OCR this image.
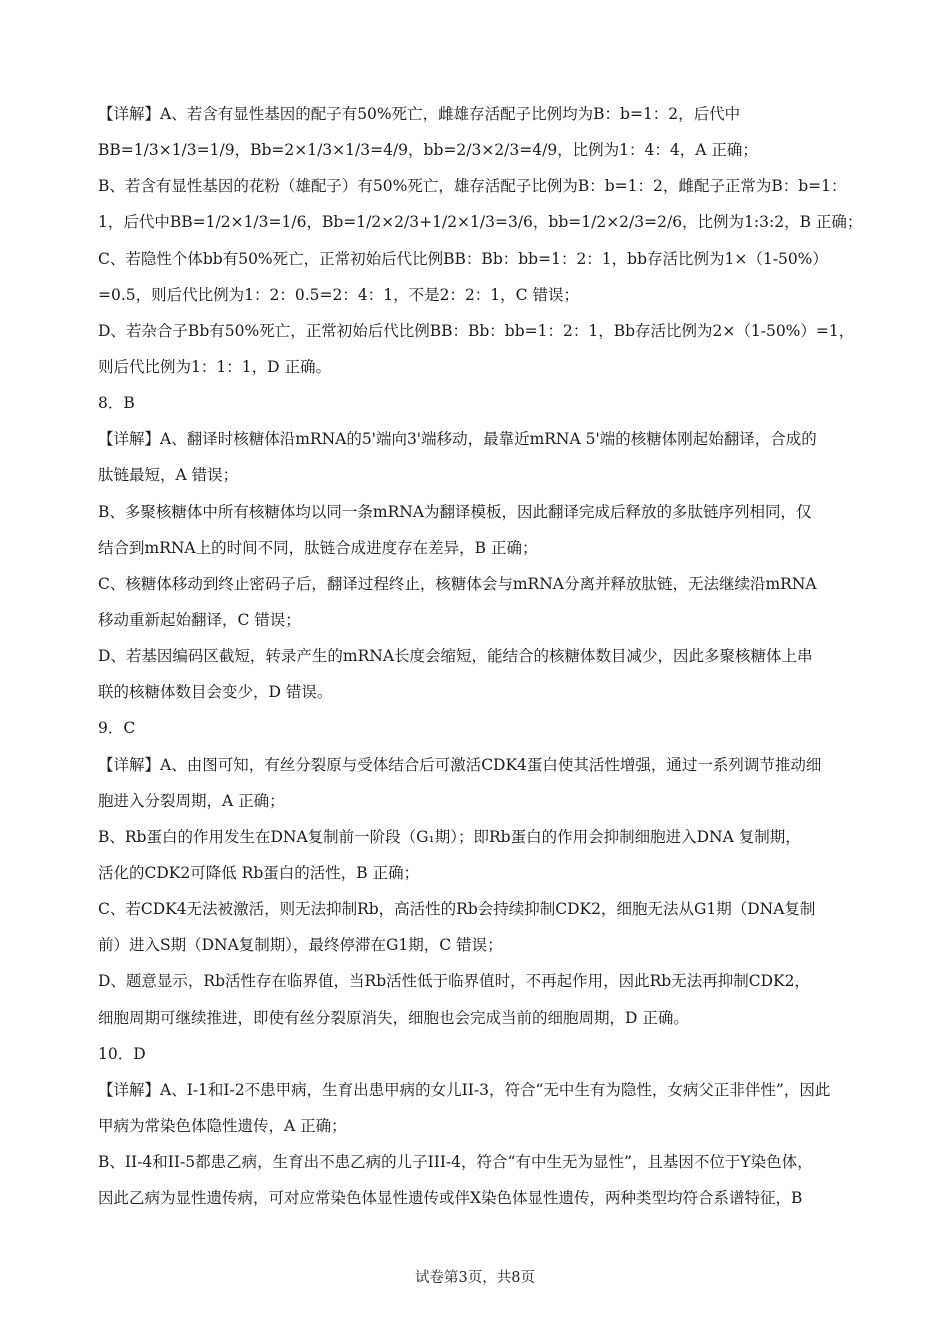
【详解】A、若含有显性基因的配子有50%死亡，雌雄存活配子比例均为B：b=1：2，后代中
BB=1/3×1/3=1/9，Bb=2×1/3×1/3=4/9，bb=2/3×2/3=4/9，比例为1：4：4，A 正确；
B、若含有显性基因的花粉（雄配子）有50%死亡，雄存活配子比例为B：b=1：2，雌配子正常为B：b=1：
1，后代中BB=1/2×1/3=1/6，Bb=1/2×2/3+1/2×1/3=3/6，bb=1/2×2/3=2/6，比例为1:3:2，B 正确；
C、若隐性个体bb有50%死亡，正常初始后代比例BB：Bb：bb=1：2：1，bb存活比例为1×（1-50%）
=0.5，则后代比例为1：2：0.5=2：4：1，不是2：2：1，C 错误；
D、若杂合子Bb有50%死亡，正常初始后代比例BB：Bb：bb=1：2：1，Bb存活比例为2×（1-50%）=1，
则后代比例为1：1：1，D 正确。
8．B
【详解】A、翻译时核糖体沿mRNA的5'端向3'端移动，最靠近mRNA 5'端的核糖体刚起始翻译，合成的
肽链最短，A 错误；
B、多聚核糖体中所有核糖体均以同一条mRNA为翻译模板，因此翻译完成后释放的多肽链序列相同，仅
结合到mRNA上的时间不同，肽链合成进度存在差异，B 正确；
C、核糖体移动到终止密码子后，翻译过程终止，核糖体会与mRNA分离并释放肽链，无法继续沿mRNA
移动重新起始翻译，C 错误；
D、若基因编码区截短，转录产生的mRNA长度会缩短，能结合的核糖体数目减少，因此多聚核糖体上串
联的核糖体数目会变少，D 错误。
9．C
【详解】A、由图可知，有丝分裂原与受体结合后可激活CDK4蛋白使其活性增强，通过一系列调节推动细
胞进入分裂周期，A 正确；
B、Rb蛋白的作用发生在DNA复制前一阶段（G₁期）；即Rb蛋白的作用会抑制细胞进入DNA 复制期，
活化的CDK2可降低 Rb蛋白的活性，B 正确；
C、若CDK4无法被激活，则无法抑制Rb，高活性的Rb会持续抑制CDK2，细胞无法从G1期（DNA复制
前）进入S期（DNA复制期），最终停滞在G1期，C 错误；
D、题意显示，Rb活性存在临界值，当Rb活性低于临界值时，不再起作用，因此Rb无法再抑制CDK2，
细胞周期可继续推进，即使有丝分裂原消失，细胞也会完成当前的细胞周期，D 正确。
10．D
【详解】A、I-1和I-2不患甲病，生育出患甲病的女儿II-3，符合“无中生有为隐性，女病父正非伴性”，因此
甲病为常染色体隐性遗传，A 正确；
B、II-4和II-5都患乙病，生育出不患乙病的儿子III-4，符合“有中生无为显性”，且基因不位于Y染色体，
因此乙病为显性遗传病，可对应常染色体显性遗传或伴X染色体显性遗传，两种类型均符合系谱特征，B
试卷第3页，共8页
